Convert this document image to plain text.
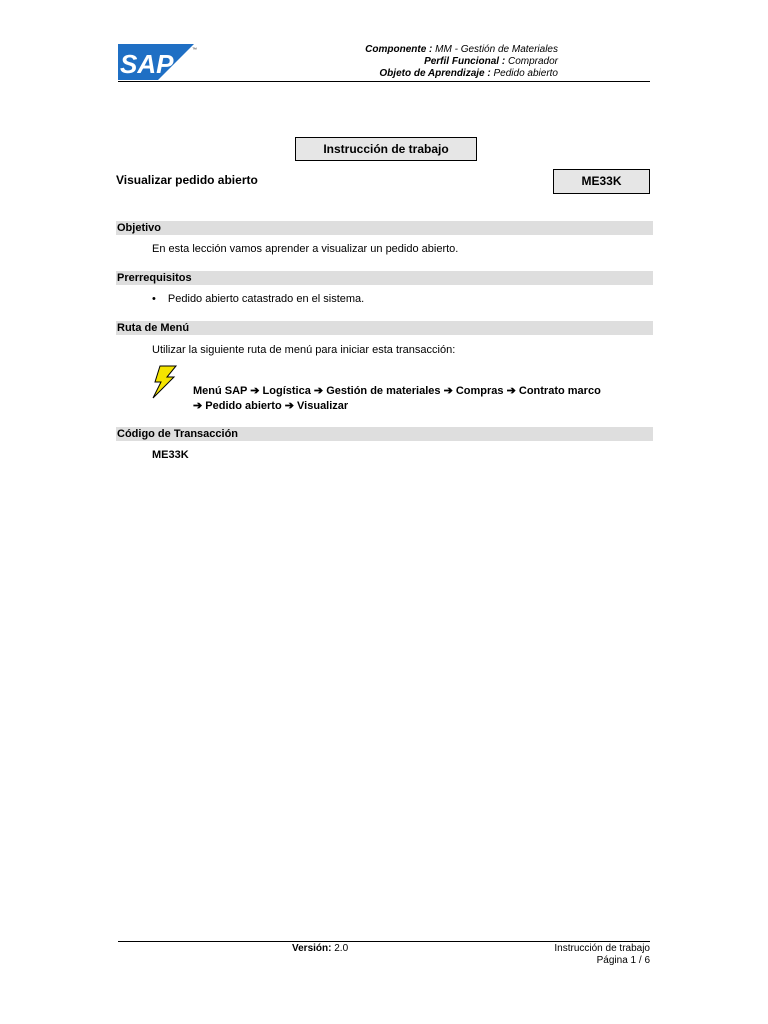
SAP	™	Componente : MM - Gestión de Materiales
Perfil Funcional : Comprador
Objeto de Aprendizaje : Pedido abierto
Instrucción de trabajo
Visualizar pedido abierto	ME33K
Objetivo
En esta lección vamos aprender a visualizar un pedido abierto.
Prerrequisitos
• Pedido abierto catastrado en el sistema.
Ruta de Menú
Utilizar la siguiente ruta de menú para iniciar esta transacción:
Menú SAP ➔ Logística ➔ Gestión de materiales ➔ Compras ➔ Contrato marco
➔ Pedido abierto ➔ Visualizar
Código de Transacción
ME33K
Versión: 2.0	Instrucción de trabajo
Página 1 / 6
